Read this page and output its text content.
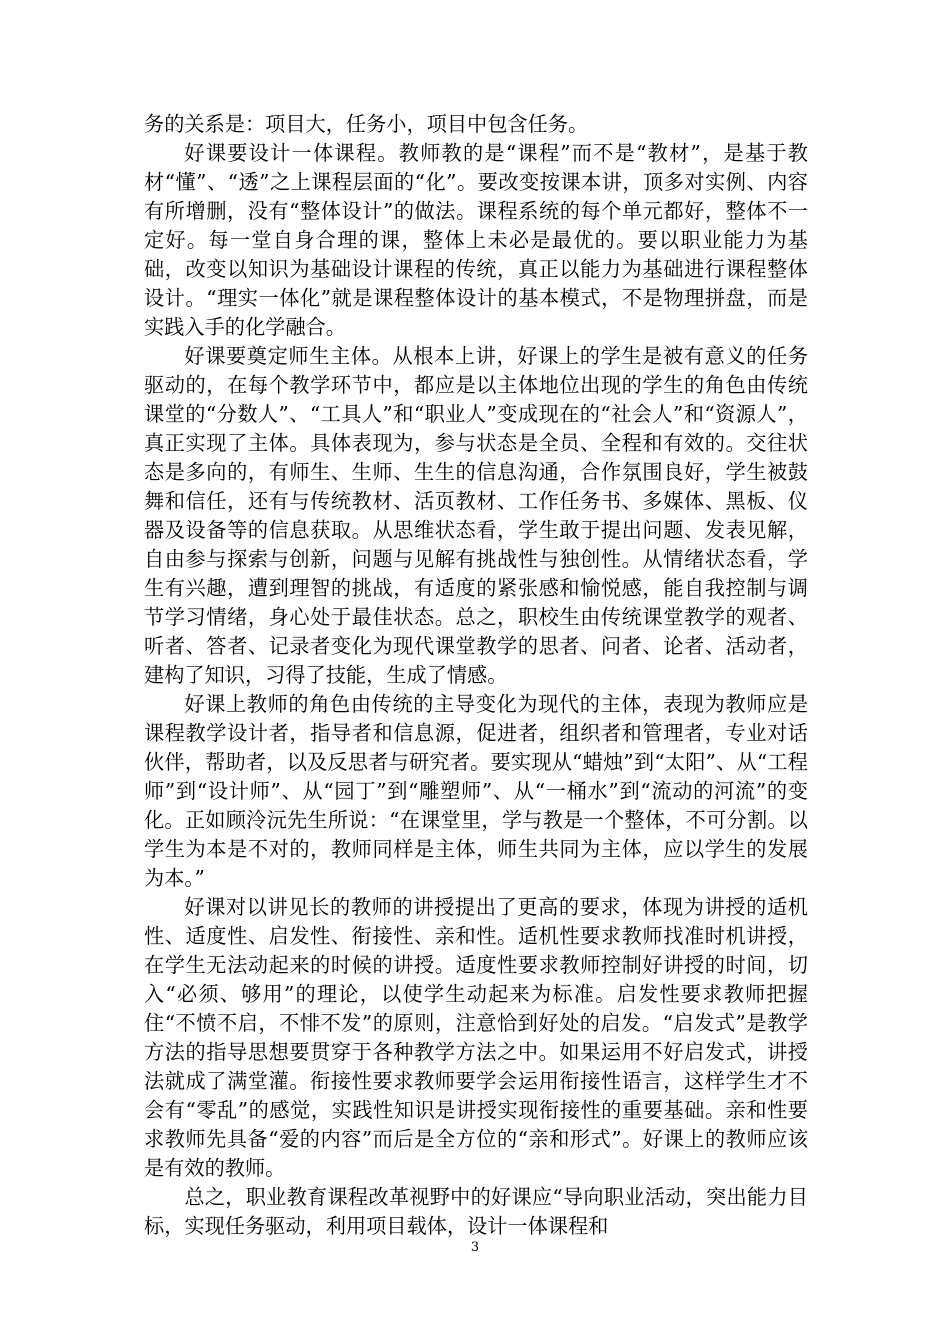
务的关系是：项目大，任务小，项目中包含任务。

好课要设计一体课程。教师教的是“课程”而不是“教材”，是基于教材“懂”、“透”之上课程层面的“化”。要改变按课本讲，顶多对实例、内容有所增删，没有“整体设计”的做法。课程系统的每个单元都好，整体不一定好。每一堂自身合理的课，整体上未必是最优的。要以职业能力为基础，改变以知识为基础设计课程的传统，真正以能力为基础进行课程整体设计。“理实一体化”就是课程整体设计的基本模式，不是物理拼盘，而是实践入手的化学融合。

好课要奠定师生主体。从根本上讲，好课上的学生是被有意义的任务驱动的，在每个教学环节中，都应是以主体地位出现的学生的角色由传统课堂的“分数人”、“工具人”和“职业人”变成现在的“社会人”和“资源人”，真正实现了主体。具体表现为，参与状态是全员、全程和有效的。交往状态是多向的，有师生、生师、生生的信息沟通，合作氛围良好，学生被鼓舞和信任，还有与传统教材、活页教材、工作任务书、多媒体、黑板、仪器及设备等的信息获取。从思维状态看，学生敢于提出问题、发表见解，自由参与探索与创新，问题与见解有挑战性与独创性。从情绪状态看，学生有兴趣，遭到理智的挑战，有适度的紧张感和愉悦感，能自我控制与调节学习情绪，身心处于最佳状态。总之，职校生由传统课堂教学的观者、听者、答者、记录者变化为现代课堂教学的思者、问者、论者、活动者，建构了知识，习得了技能，生成了情感。

好课上教师的角色由传统的主导变化为现代的主体，表现为教师应是课程教学设计者，指导者和信息源，促进者，组织者和管理者，专业对话伙伴，帮助者，以及反思者与研究者。要实现从“蜡烛”到“太阳”、从“工程师”到“设计师”、从“园丁”到“雕塑师”、从“一桶水”到“流动的河流”的变化。正如顾泠沅先生所说：“在课堂里，学与教是一个整体，不可分割。以学生为本是不对的，教师同样是主体，师生共同为主体，应以学生的发展为本。”

好课对以讲见长的教师的讲授提出了更高的要求，体现为讲授的适机性、适度性、启发性、衔接性、亲和性。适机性要求教师找准时机讲授，在学生无法动起来的时候的讲授。适度性要求教师控制好讲授的时间，切入“必须、够用”的理论，以使学生动起来为标准。启发性要求教师把握住“不愤不启，不悱不发”的原则，注意恰到好处的启发。“启发式”是教学方法的指导思想要贯穿于各种教学方法之中。如果运用不好启发式，讲授法就成了满堂灌。衔接性要求教师要学会运用衔接性语言，这样学生才不会有“零乱”的感觉，实践性知识是讲授实现衔接性的重要基础。亲和性要求教师先具备“爱的内容”而后是全方位的“亲和形式”。好课上的教师应该是有效的教师。

总之，职业教育课程改革视野中的好课应“导向职业活动，突出能力目标，实现任务驱动，利用项目载体，设计一体课程和

3
